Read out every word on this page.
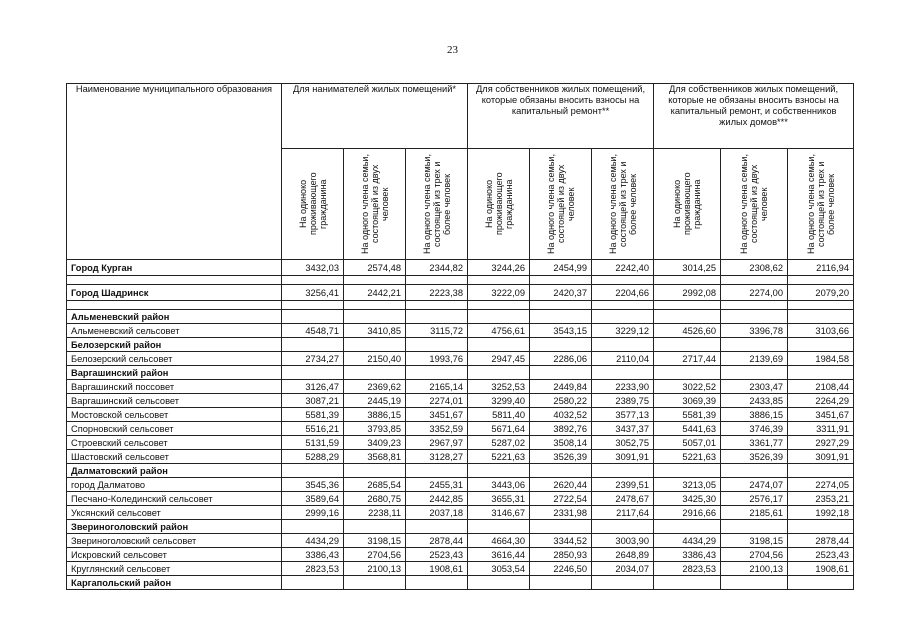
23
Наименование муниципального образования	Для нанимателей жилых помещений*			Для собственников жилых помещений, которые обязаны вносить взносы на капитальный ремонт**			Для собственников жилых помещений, которые не обязаны вносить взносы на капитальный ремонт, и собственников жилых домов***		

	На одиноко проживающего гражданина	На одного члена семьи, состоящей из двух человек	На одного члена семьи, состоящей из трех и более человек	На одиноко проживающего гражданина	На одного члена семьи, состоящей из двух человек	На одного члена семьи, состоящей из трех и более человек	На одиноко проживающего гражданина	На одного члена семьи, состоящей из двух человек	На одного члена семьи, состоящей из трех и более человек

Город Курган	3432,03	2574,48	2344,82	3244,26	2454,99	2242,40	3014,25	2308,62	2116,94

Город Шадринск	3256,41	2442,21	2223,38	3222,09	2420,37	2204,66	2992,08	2274,00	2079,20

Альменевский район									
Альменевский сельсовет	4548,71	3410,85	3115,72	4756,61	3543,15	3229,12	4526,60	3396,78	3103,66
Белозерский район									
Белозерский сельсовет	2734,27	2150,40	1993,76	2947,45	2286,06	2110,04	2717,44	2139,69	1984,58
Варгашинский район									
Варгашинский поссовет	3126,47	2369,62	2165,14	3252,53	2449,84	2233,90	3022,52	2303,47	2108,44
Варгашинский сельсовет	3087,21	2445,19	2274,01	3299,40	2580,22	2389,75	3069,39	2433,85	2264,29
Мостовской сельсовет	5581,39	3886,15	3451,67	5811,40	4032,52	3577,13	5581,39	3886,15	3451,67
Спорновский сельсовет	5516,21	3793,85	3352,59	5671,64	3892,76	3437,37	5441,63	3746,39	3311,91
Строевский сельсовет	5131,59	3409,23	2967,97	5287,02	3508,14	3052,75	5057,01	3361,77	2927,29
Шастовский сельсовет	5288,29	3568,81	3128,27	5221,63	3526,39	3091,91	5221,63	3526,39	3091,91
Далматовский район									
город Далматово	3545,36	2685,54	2455,31	3443,06	2620,44	2399,51	3213,05	2474,07	2274,05
Песчано-Колединский сельсовет	3589,64	2680,75	2442,85	3655,31	2722,54	2478,67	3425,30	2576,17	2353,21
Уксянский сельсовет	2999,16	2238,11	2037,18	3146,67	2331,98	2117,64	2916,66	2185,61	1992,18
Звериноголовский район									
Звериноголовский сельсовет	4434,29	3198,15	2878,44	4664,30	3344,52	3003,90	4434,29	3198,15	2878,44
Искровский сельсовет	3386,43	2704,56	2523,43	3616,44	2850,93	2648,89	3386,43	2704,56	2523,43
Круглянский сельсовет	2823,53	2100,13	1908,61	3053,54	2246,50	2034,07	2823,53	2100,13	1908,61
Каргапольский район									
